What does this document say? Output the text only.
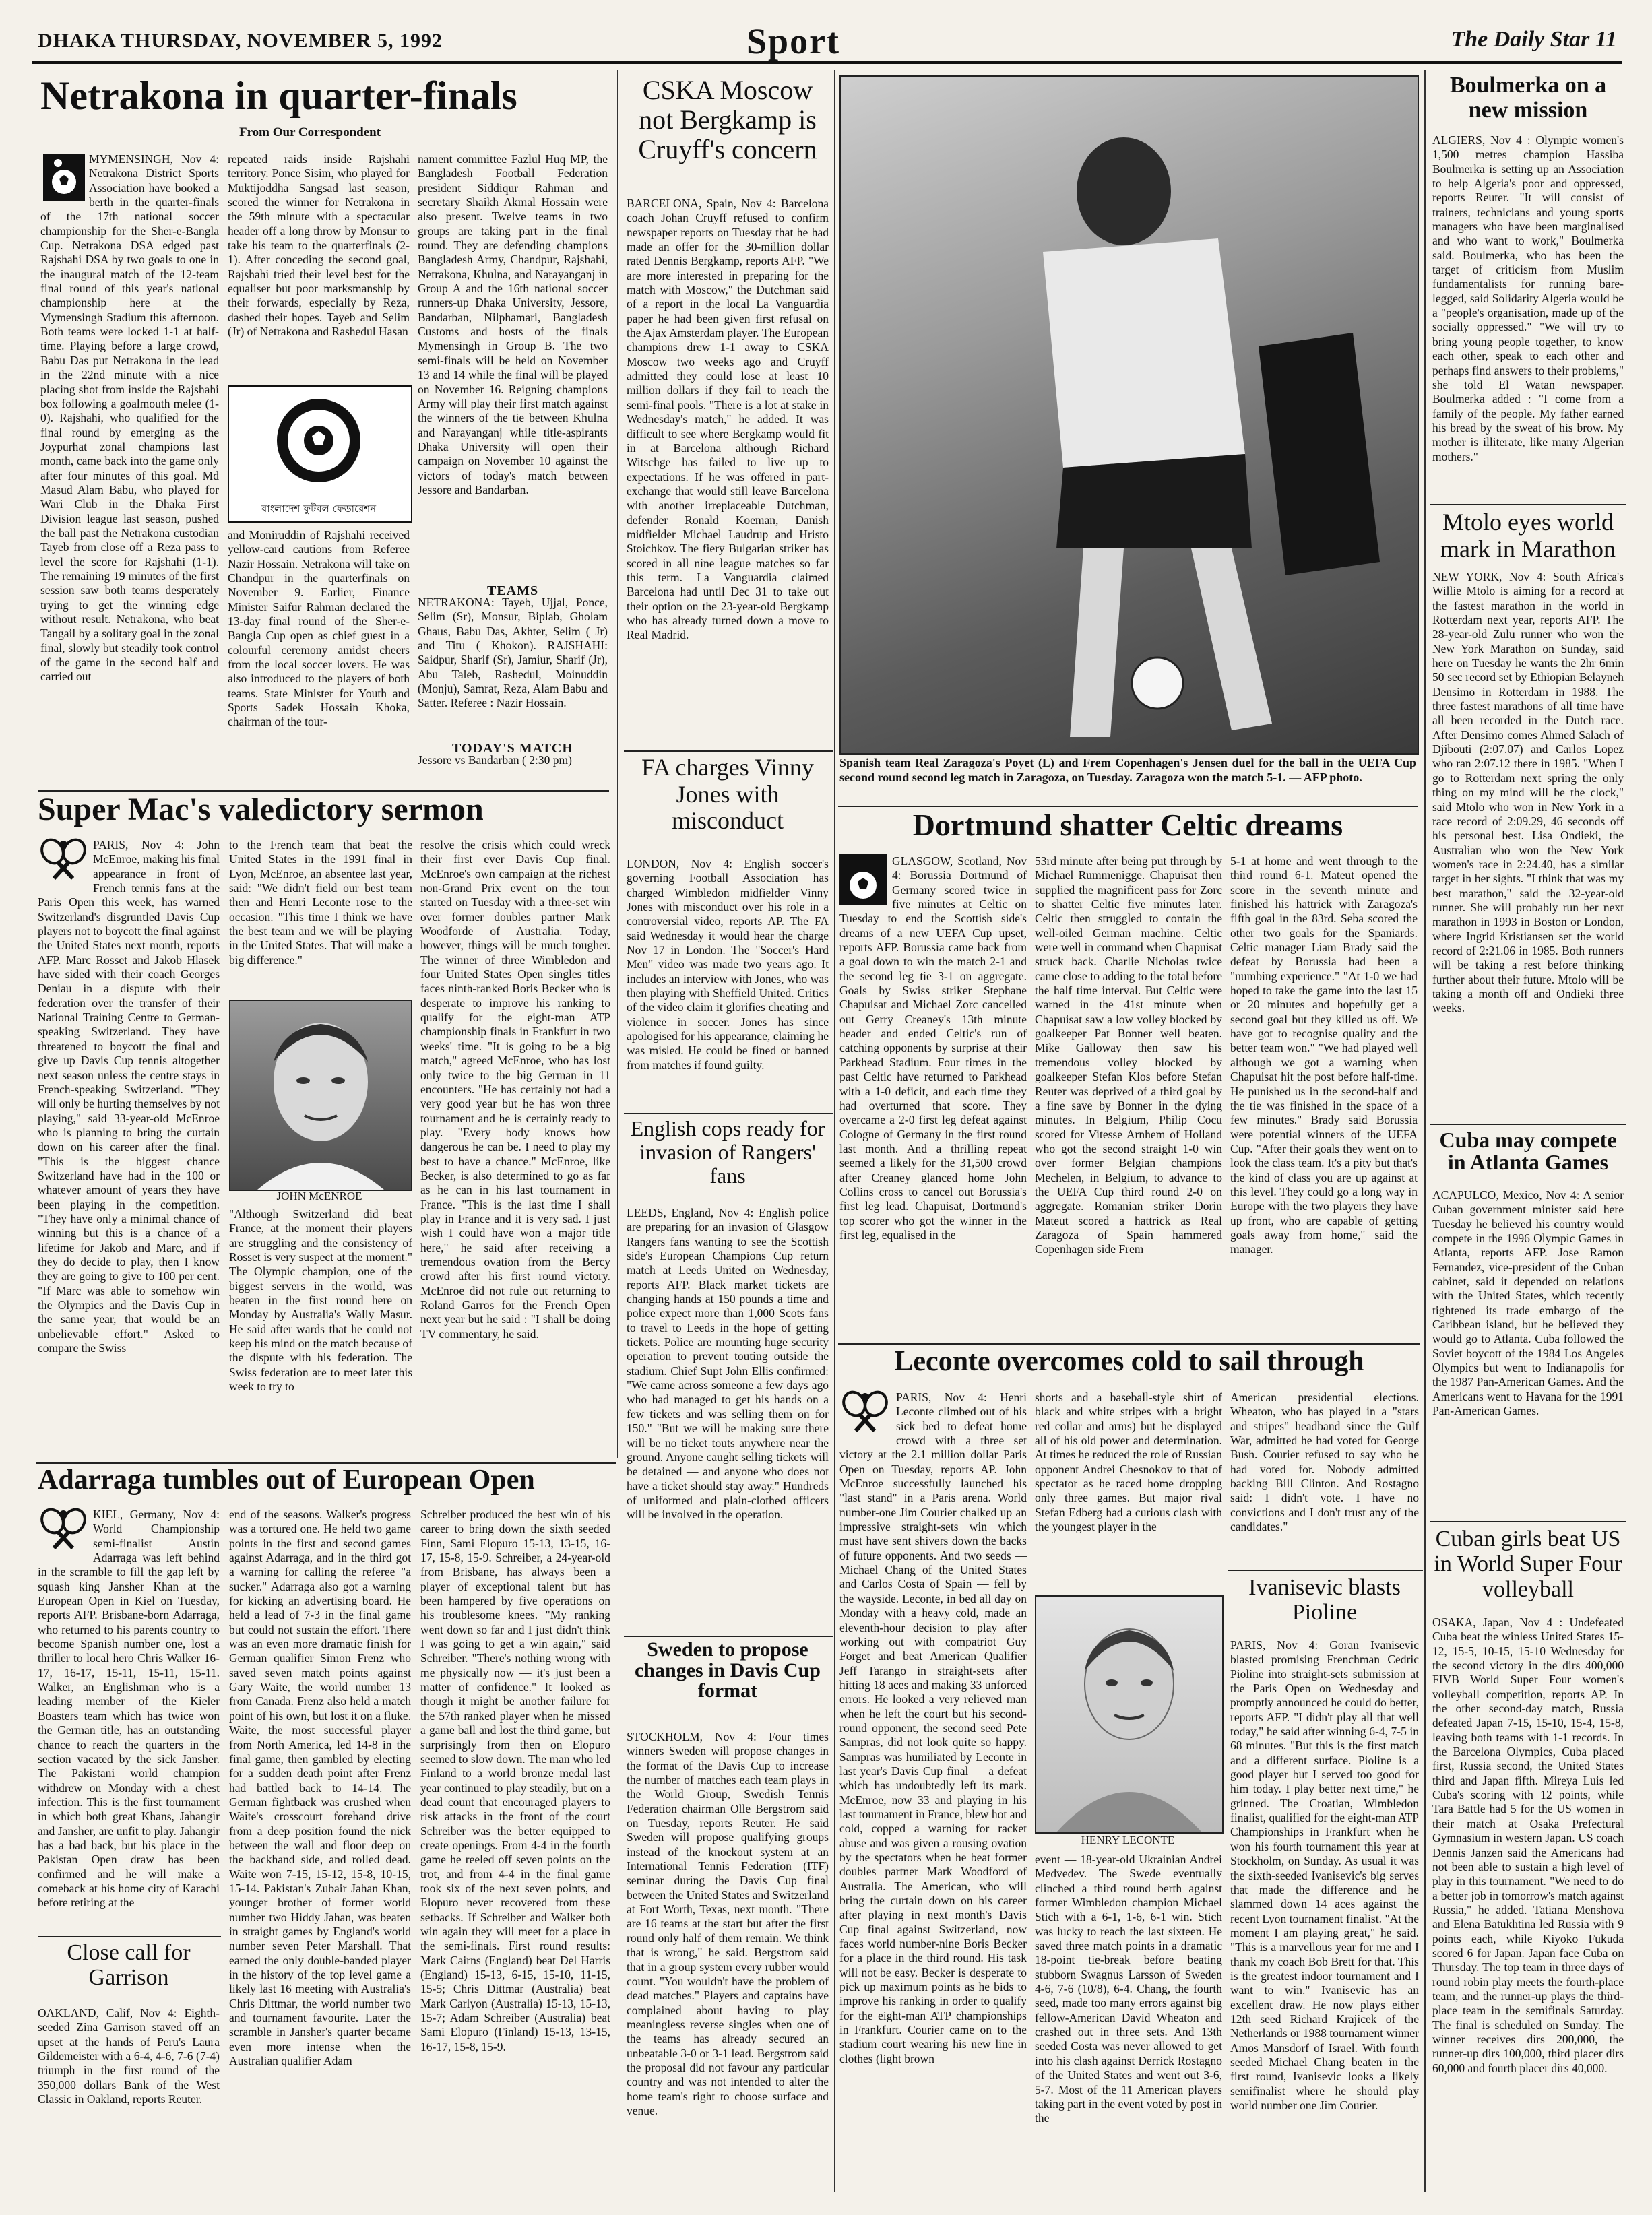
DHAKA THURSDAY, NOVEMBER 5, 1992	Sport	The Daily Star 11
Netrakona in quarter-finals
From Our Correspondent
MYMENSINGH, Nov 4: Netrakona District Sports Association have booked a berth in the quarter-finals of the 17th national soccer championship for the Sher-e-Bangla Cup. Netrakona DSA edged past Rajshahi DSA by two goals to one in the inaugural match of the 12-team final round of this year's national championship here at the Mymensingh Stadium this afternoon. Both teams were locked 1-1 at half-time. Playing before a large crowd, Babu Das put Netrakona in the lead in the 22nd minute with a nice placing shot from inside the Rajshahi box following a goalmouth melee (1-0). Rajshahi, who qualified for the final round by emerging as the Joypurhat zonal champions last month, came back into the game only after four minutes of this goal. Md Masud Alam Babu, who played for Wari Club in the Dhaka First Division league last season, pushed the ball past the Netrakona custodian Tayeb from close off a Reza pass to level the score for Rajshahi (1-1). The remaining 19 minutes of the first session saw both teams desperately trying to get the winning edge without result. Netrakona, who beat Tangail by a solitary goal in the zonal final, slowly but steadily took control of the game in the second half and carried out
repeated raids inside Rajshahi territory. Ponce Sisim, who played for Muktijoddha Sangsad last season, scored the winner for Netrakona in the 59th minute with a spectacular header off a long throw by Monsur to take his team to the quarterfinals (2-1). After conceding the second goal, Rajshahi tried their level best for the equaliser but poor marksmanship by their forwards, especially by Reza, dashed their hopes. Tayeb and Selim (Jr) of Netrakona and Rashedul Hasan
বাংলাদেশ ফুটবল ফেডারেশন
and Moniruddin of Rajshahi received yellow-card cautions from Referee Nazir Hossain. Netrakona will take on Chandpur in the quarterfinals on November 9. Earlier, Finance Minister Saifur Rahman declared the 13-day final round of the Sher-e-Bangla Cup open as chief guest in a colourful ceremony amidst cheers from the local soccer lovers. He was also introduced to the players of both teams. State Minister for Youth and Sports Sadek Hossain Khoka, chairman of the tour-
nament committee Fazlul Huq MP, the Bangladesh Football Federation president Siddiqur Rahman and secretary Shaikh Akmal Hossain were also present. Twelve teams in two groups are taking part in the final round. They are defending champions Bangladesh Army, Chandpur, Rajshahi, Netrakona, Khulna, and Narayanganj in Group A and the 16th national soccer runners-up Dhaka University, Jessore, Bandarban, Nilphamari, Bangladesh Customs and hosts of the finals Mymensingh in Group B. The two semi-finals will be held on November 13 and 14 while the final will be played on November 16. Reigning champions Army will play their first match against the winners of the tie between Khulna and Narayanganj while title-aspirants Dhaka University will open their campaign on November 10 against the victors of today's match between Jessore and Bandarban.
TEAMS
NETRAKONA: Tayeb, Ujjal, Ponce, Selim (Sr), Monsur, Biplab, Gholam Ghaus, Babu Das, Akhter, Selim ( Jr) and Titu ( Khokon). RAJSHAHI: Saidpur, Sharif (Sr), Jamiur, Sharif (Jr), Abu Taleb, Rashedul, Moinuddin (Monju), Samrat, Reza, Alam Babu and Satter. Referee : Nazir Hossain.
TODAY'S MATCH
Jessore vs Bandarban ( 2:30 pm)
CSKA Moscow not Bergkamp is Cruyff's concern
BARCELONA, Spain, Nov 4: Barcelona coach Johan Cruyff refused to confirm newspaper reports on Tuesday that he had made an offer for the 30-million dollar rated Dennis Bergkamp, reports AFP. "We are more interested in preparing for the match with Moscow," the Dutchman said of a report in the local La Vanguardia paper he had been given first refusal on the Ajax Amsterdam player. The European champions drew 1-1 away to CSKA Moscow two weeks ago and Cruyff admitted they could lose at least 10 million dollars if they fail to reach the semi-final pools. "There is a lot at stake in Wednesday's match," he added. It was difficult to see where Bergkamp would fit in at Barcelona although Richard Witschge has failed to live up to expectations. If he was offered in part-exchange that would still leave Barcelona with another irreplaceable Dutchman, defender Ronald Koeman, Danish midfielder Michael Laudrup and Hristo Stoichkov. The fiery Bulgarian striker has scored in all nine league matches so far this term. La Vanguardia claimed Barcelona had until Dec 31 to take out their option on the 23-year-old Bergkamp who has already turned down a move to Real Madrid.
Spanish team Real Zaragoza's Poyet (L) and Frem Copenhagen's Jensen duel for the ball in the UEFA Cup second round second leg match in Zaragoza, on Tuesday. Zaragoza won the match 5-1. — AFP photo.
Dortmund shatter Celtic dreams
GLASGOW, Scotland, Nov 4: Borussia Dortmund of Germany scored twice in five minutes at Celtic on Tuesday to end the Scottish side's dreams of a new UEFA Cup upset, reports AFP. Borussia came back from a goal down to win the match 2-1 and the second leg tie 3-1 on aggregate. Goals by Swiss striker Stephane Chapuisat and Michael Zorc cancelled out Gerry Creaney's 13th minute header and ended Celtic's run of catching opponents by surprise at their Parkhead Stadium. Four times in the past Celtic have returned to Parkhead with a 1-0 deficit, and each time they had overturned that score. They overcame a 2-0 first leg defeat against Cologne of Germany in the first round last month. And a thrilling repeat seemed a likely for the 31,500 crowd after Creaney glanced home John Collins cross to cancel out Borussia's first leg lead. Chapuisat, Dortmund's top scorer who got the winner in the first leg, equalised in the
53rd minute after being put through by Michael Rummenigge. Chapuisat then supplied the magnificent pass for Zorc to shatter Celtic five minutes later. Celtic then struggled to contain the well-oiled German machine. Celtic were well in command when Chapuisat struck back. Charlie Nicholas twice came close to adding to the total before the half time interval. But Celtic were warned in the 41st minute when Chapuisat saw a low volley blocked by goalkeeper Pat Bonner well beaten. Mike Galloway then saw his tremendous volley blocked by goalkeeper Stefan Klos before Stefan Reuter was deprived of a third goal by a fine save by Bonner in the dying minutes. In Belgium, Philip Cocu scored for Vitesse Arnhem of Holland who got the second straight 1-0 win over former Belgian champions Mechelen, in Belgium, to advance to the UEFA Cup third round 2-0 on aggregate. Romanian striker Dorin Mateut scored a hattrick as Real Zaragoza of Spain hammered Copenhagen side Frem
5-1 at home and went through to the third round 6-1. Mateut opened the score in the seventh minute and finished his hattrick with Zaragoza's fifth goal in the 83rd. Seba scored the other two goals for the Spaniards. Celtic manager Liam Brady said the defeat by Borussia had been a "numbing experience." "At 1-0 we had hoped to take the game into the last 15 or 20 minutes and hopefully get a second goal but they killed us off. We have got to recognise quality and the better team won." "We had played well although we got a warning when Chapuisat hit the post before half-time. He punished us in the second-half and the tie was finished in the space of a few minutes." Brady said Borussia were potential winners of the UEFA Cup. "After their goals they went on to look the class team. It's a pity but that's the kind of class you are up against at this level. They could go a long way in Europe with the two players they have up front, who are capable of getting goals away from home," said the manager.
Boulmerka on a new mission
ALGIERS, Nov 4 : Olympic women's 1,500 metres champion Hassiba Boulmerka is setting up an Association to help Algeria's poor and oppressed, reports Reuter. "It will consist of trainers, technicians and young sports managers who have been marginalised and who want to work," Boulmerka said. Boulmerka, who has been the target of criticism from Muslim fundamentalists for running bare-legged, said Solidarity Algeria would be a "people's organisation, made up of the socially oppressed." "We will try to bring young people together, to know each other, speak to each other and perhaps find answers to their problems," she told El Watan newspaper. Boulmerka added : "I come from a family of the people. My father earned his bread by the sweat of his brow. My mother is illiterate, like many Algerian mothers."
Mtolo eyes world mark in Marathon
NEW YORK, Nov 4: South Africa's Willie Mtolo is aiming for a record at the fastest marathon in the world in Rotterdam next year, reports AFP. The 28-year-old Zulu runner who won the New York Marathon on Sunday, said here on Tuesday he wants the 2hr 6min 50 sec record set by Ethiopian Belayneh Densimo in Rotterdam in 1988. The three fastest marathons of all time have all been recorded in the Dutch race. After Densimo comes Ahmed Salach of Djibouti (2:07.07) and Carlos Lopez who ran 2:07.12 there in 1985. "When I go to Rotterdam next spring the only thing on my mind will be the clock," said Mtolo who won in New York in a race record of 2:09.29, 46 seconds off his personal best. Lisa Ondieki, the Australian who won the New York women's race in 2:24.40, has a similar target in her sights. "I think that was my best marathon," said the 32-year-old runner. She will probably run her next marathon in 1993 in Boston or London, where Ingrid Kristiansen set the world record of 2:21.06 in 1985. Both runners will be taking a rest before thinking further about their future. Mtolo will be taking a month off and Ondieki three weeks.
Cuba may compete in Atlanta Games
ACAPULCO, Mexico, Nov 4: A senior Cuban government minister said here Tuesday he believed his country would compete in the 1996 Olympic Games in Atlanta, reports AFP. Jose Ramon Fernandez, vice-president of the Cuban cabinet, said it depended on relations with the United States, which recently tightened its trade embargo of the Caribbean island, but he believed they would go to Atlanta. Cuba followed the Soviet boycott of the 1984 Los Angeles Olympics but went to Indianapolis for the 1987 Pan-American Games. And the Americans went to Havana for the 1991 Pan-American Games.
Cuban girls beat US in World Super Four volleyball
OSAKA, Japan, Nov 4 : Undefeated Cuba beat the winless United States 15-12, 15-5, 10-15, 15-10 Wednesday for the second victory in the dirs 400,000 FIVB World Super Four women's volleyball competition, reports AP. In the other second-day match, Russia defeated Japan 7-15, 15-10, 15-4, 15-8, leaving both teams with 1-1 records. In the Barcelona Olympics, Cuba placed first, Russia second, the United States third and Japan fifth. Mireya Luis led Cuba's scoring with 12 points, while Tara Battle had 5 for the US women in their match at Osaka Prefectural Gymnasium in western Japan. US coach Dennis Janzen said the Americans had not been able to sustain a high level of play in this tournament. "We need to do a better job in tomorrow's match against Russia," he added. Tatiana Menshova and Elena Batukhtina led Russia with 9 points each, while Kiyoko Fukuda scored 6 for Japan. Japan face Cuba on Thursday. The top team in three days of round robin play meets the fourth-place team, and the runner-up plays the third-place team in the semifinals Saturday. The final is scheduled on Sunday. The winner receives dirs 200,000, the runner-up dirs 100,000, third placer dirs 60,000 and fourth placer dirs 40,000.
Super Mac's valedictory sermon
PARIS, Nov 4: John McEnroe, making his final appearance in front of French tennis fans at the Paris Open this week, has warned Switzerland's disgruntled Davis Cup players not to boycott the final against the United States next month, reports AFP. Marc Rosset and Jakob Hlasek have sided with their coach Georges Deniau in a dispute with their federation over the transfer of their National Training Centre to German-speaking Switzerland. They have threatened to boycott the final and give up Davis Cup tennis altogether next season unless the centre stays in French-speaking Switzerland. "They will only be hurting themselves by not playing," said 33-year-old McEnroe who is planning to bring the curtain down on his career after the final. "This is the biggest chance Switzerland have had in the 100 or whatever amount of years they have been playing in the competition. "They have only a minimal chance of winning but this is a chance of a lifetime for Jakob and Marc, and if they do decide to play, then I know they are going to give to 100 per cent. "If Marc was able to somehow win the Olympics and the Davis Cup in the same year, that would be an unbelievable effort." Asked to compare the Swiss
to the French team that beat the United States in the 1991 final in Lyon, McEnroe, an absentee last year, said: "We didn't field our best team then and Henri Leconte rose to the occasion. "This time I think we have the best team and we will be playing in the United States. That will make a big difference."
JOHN McENROE
"Although Switzerland did beat France, at the moment their players are struggling and the consistency of Rosset is very suspect at the moment." The Olympic champion, one of the biggest servers in the world, was beaten in the first round here on Monday by Australia's Wally Masur. He said after wards that he could not keep his mind on the match because of the dispute with his federation. The Swiss federation are to meet later this week to try to
resolve the crisis which could wreck their first ever Davis Cup final. McEnroe's own campaign at the richest non-Grand Prix event on the tour started on Tuesday with a three-set win over former doubles partner Mark Woodforde of Australia. Today, however, things will be much tougher. The winner of three Wimbledon and four United States Open singles titles faces ninth-ranked Boris Becker who is desperate to improve his ranking to qualify for the eight-man ATP championship finals in Frankfurt in two weeks' time. "It is going to be a big match," agreed McEnroe, who has lost only twice to the big German in 11 encounters. "He has certainly not had a very good year but he has won three tournament and he is certainly ready to play. "Every body knows how dangerous he can be. I need to play my best to have a chance." McEnroe, like Becker, is also determined to go as far as he can in his last tournament in France. "This is the last time I shall play in France and it is very sad. I just wish I could have won a major title here," he said after receiving a tremendous ovation from the Bercy crowd after his first round victory. McEnroe did not rule out returning to Roland Garros for the French Open next year but he said : "I shall be doing TV commentary, he said.
FA charges Vinny Jones with misconduct
LONDON, Nov 4: English soccer's governing Football Association has charged Wimbledon midfielder Vinny Jones with misconduct over his role in a controversial video, reports AP. The FA said Wednesday it would hear the charge Nov 17 in London. The "Soccer's Hard Men" video was made two years ago. It includes an interview with Jones, who was then playing with Sheffield United. Critics of the video claim it glorifies cheating and violence in soccer. Jones has since apologised for his appearance, claiming he was misled. He could be fined or banned from matches if found guilty.
English cops ready for invasion of Rangers' fans
LEEDS, England, Nov 4: English police are preparing for an invasion of Glasgow Rangers fans wanting to see the Scottish side's European Champions Cup return match at Leeds United on Wednesday, reports AFP. Black market tickets are changing hands at 150 pounds a time and police expect more than 1,000 Scots fans to travel to Leeds in the hope of getting tickets. Police are mounting huge security operation to prevent touting outside the stadium. Chief Supt John Ellis confirmed: "We came across someone a few days ago who had managed to get his hands on a few tickets and was selling them on for 150." "But we will be making sure there will be no ticket touts anywhere near the ground. Anyone caught selling tickets will be detained — and anyone who does not have a ticket should stay away." Hundreds of uniformed and plain-clothed officers will be involved in the operation.
Leconte overcomes cold to sail through
PARIS, Nov 4: Henri Leconte climbed out of his sick bed to defeat home crowd with a three set victory at the 2.1 million dollar Paris Open on Tuesday, reports AP. John McEnroe successfully launched his "last stand" in a Paris arena. World number-one Jim Courier chalked up an impressive straight-sets win which must have sent shivers down the backs of future opponents. And two seeds — Michael Chang of the United States and Carlos Costa of Spain — fell by the wayside. Leconte, in bed all day on Monday with a heavy cold, made an eleventh-hour decision to play after working out with compatriot Guy Forget and beat American Qualifier Jeff Tarango in straight-sets after hitting 18 aces and making 33 unforced errors. He looked a very relieved man when he left the court but his second-round opponent, the second seed Pete Sampras, did not look quite so happy. Sampras was humiliated by Leconte in last year's Davis Cup final — a defeat which has undoubtedly left its mark. McEnroe, now 33 and playing in his last tournament in France, blew hot and cold, copped a warning for racket abuse and was given a rousing ovation by the spectators when he beat former doubles partner Mark Woodford of Australia. The American, who will bring the curtain down on his career after playing in next month's Davis Cup final against Switzerland, now faces world number-nine Boris Becker for a place in the third round. His task will not be easy. Becker is desperate to pick up maximum points as he bids to improve his ranking in order to qualify for the eight-man ATP championships in Frankfurt. Courier came on to the stadium court wearing his new line in clothes (light brown
shorts and a baseball-style shirt of black and white stripes with a bright red collar and arms) but he displayed all of his old power and determination. At times he reduced the role of Russian opponent Andrei Chesnokov to that of spectator as he raced home dropping only three games. But major rival Stefan Edberg had a curious clash with the youngest player in the
HENRY LECONTE
event — 18-year-old Ukrainian Andrei Medvedev. The Swede eventually clinched a third round berth against former Wimbledon champion Michael Stich with a 6-1, 1-6, 6-1 win. Stich was lucky to reach the last sixteen. He saved three match points in a dramatic 18-point tie-break before beating stubborn Swagnus Larsson of Sweden 4-6, 7-6 (10/8), 6-4. Chang, the fourth seed, made too many errors against big fellow-American David Wheaton and crashed out in three sets. And 13th seeded Costa was never allowed to get into his clash against Derrick Rostagno of the United States and went out 3-6, 5-7. Most of the 11 American players taking part in the event voted by post in the
American presidential elections. Wheaton, who has played in a "stars and stripes" headband since the Gulf War, admitted he had voted for George Bush. Courier refused to say who he had voted for. Nobody admitted backing Bill Clinton. And Rostagno said: I didn't vote. I have no convictions and I don't trust any of the candidates."
Ivanisevic blasts Pioline
PARIS, Nov 4: Goran Ivanisevic blasted promising Frenchman Cedric Pioline into straight-sets submission at the Paris Open on Wednesday and promptly announced he could do better, reports AFP. "I didn't play all that well today," he said after winning 6-4, 7-5 in 68 minutes. "But this is the first match and a different surface. Pioline is a good player but I served too good for him today. I play better next time," he grinned. The Croatian, Wimbledon finalist, qualified for the eight-man ATP Championships in Frankfurt when he won his fourth tournament this year at Stockholm, on Sunday. As usual it was the sixth-seeded Ivanisevic's big serves that made the difference and he slammed down 14 aces against the recent Lyon tournament finalist. "At the moment I am playing great," he said. "This is a marvellous year for me and I thank my coach Bob Brett for that. This is the greatest indoor tournament and I want to win." Ivanisevic has an excellent draw. He now plays either 12th seed Richard Krajicek of the Netherlands or 1988 tournament winner Amos Mansdorf of Israel. With fourth seeded Michael Chang beaten in the first round, Ivanisevic looks a likely semifinalist where he should play world number one Jim Courier.
Adarraga tumbles out of European Open
KIEL, Germany, Nov 4: World Championship semi-finalist Austin Adarraga was left behind in the scramble to fill the gap left by squash king Jansher Khan at the European Open in Kiel on Tuesday, reports AFP. Brisbane-born Adarraga, who returned to his parents country to become Spanish number one, lost a thriller to local hero Chris Walker 16-17, 16-17, 15-11, 15-11, 15-11. Walker, an Englishman who is a leading member of the Kieler Boasters team which has twice won the German title, has an outstanding chance to reach the quarters in the section vacated by the sick Jansher. The Pakistani world champion withdrew on Monday with a chest infection. This is the first tournament in which both great Khans, Jahangir and Jansher, are unfit to play. Jahangir has a bad back, but his place in the Pakistan Open draw has been confirmed and he will make a comeback at his home city of Karachi before retiring at the
end of the seasons. Walker's progress was a tortured one. He held two game points in the first and second games against Adarraga, and in the third got a warning for calling the referee "a sucker." Adarraga also got a warning for kicking an advertising board. He held a lead of 7-3 in the final game but could not sustain the effort. There was an even more dramatic finish for German qualifier Simon Frenz who saved seven match points against Gary Waite, the world number 13 from Canada. Frenz also held a match point of his own, but lost it on a fluke. Waite, the most successful player from North America, led 14-8 in the final game, then gambled by electing for a sudden death point after Frenz had battled back to 14-14. The German fightback was crushed when Waite's crosscourt forehand drive from a deep position found the nick between the wall and floor deep on the backhand side, and rolled dead. Waite won 7-15, 15-12, 15-8, 10-15, 15-14. Pakistan's Zubair Jahan Khan, younger brother of former world number two Hiddy Jahan, was beaten in straight games by England's world number seven Peter Marshall. That earned the only double-banded player in the history of the top level game a likely last 16 meeting with Australia's Chris Dittmar, the world number two and tournament favourite. Later the scramble in Jansher's quarter became even more intense when the Australian qualifier Adam
Schreiber produced the best win of his career to bring down the sixth seeded Finn, Sami Elopuro 15-13, 13-15, 16-17, 15-8, 15-9. Schreiber, a 24-year-old from Brisbane, has always been a player of exceptional talent but has been hampered by five operations on his troublesome knees. "My ranking went down so far and I just didn't think I was going to get a win again," said Schreiber. "There's nothing wrong with me physically now — it's just been a matter of confidence." It looked as though it might be another failure for the 57th ranked player when he missed a game ball and lost the third game, but surprisingly from then on Elopuro seemed to slow down. The man who led Finland to a world bronze medal last year continued to play steadily, but on a dead count that encouraged players to risk attacks in the front of the court Schreiber was the better equipped to create openings. From 4-4 in the fourth game he reeled off seven points on the trot, and from 4-4 in the final game took six of the next seven points, and Elopuro never recovered from these setbacks. If Schreiber and Walker both win again they will meet for a place in the semi-finals. First round results: Mark Cairns (England) beat Del Harris (England) 15-13, 6-15, 15-10, 11-15, 15-5; Chris Dittmar (Australia) beat Mark Carlyon (Australia) 15-13, 15-13, 15-7; Adam Schreiber (Australia) beat Sami Elopuro (Finland) 15-13, 13-15, 16-17, 15-8, 15-9.
Close call for Garrison
OAKLAND, Calif, Nov 4: Eighth-seeded Zina Garrison staved off an upset at the hands of Peru's Laura Gildemeister with a 6-4, 4-6, 7-6 (7-4) triumph in the first round of the 350,000 dollars Bank of the West Classic in Oakland, reports Reuter.
Sweden to propose changes in Davis Cup format
STOCKHOLM, Nov 4: Four times winners Sweden will propose changes in the format of the Davis Cup to increase the number of matches each team plays in the World Group, Swedish Tennis Federation chairman Olle Bergstrom said on Tuesday, reports Reuter. He said Sweden will propose qualifying groups instead of the knockout system at an International Tennis Federation (ITF) seminar during the Davis Cup final between the United States and Switzerland at Fort Worth, Texas, next month. "There are 16 teams at the start but after the first round only half of them remain. We think that is wrong," he said. Bergstrom said that in a group system every rubber would count. "You wouldn't have the problem of dead matches." Players and captains have complained about having to play meaningless reverse singles when one of the teams has already secured an unbeatable 3-0 or 3-1 lead. Bergstrom said the proposal did not favour any particular country and was not intended to alter the home team's right to choose surface and venue.
